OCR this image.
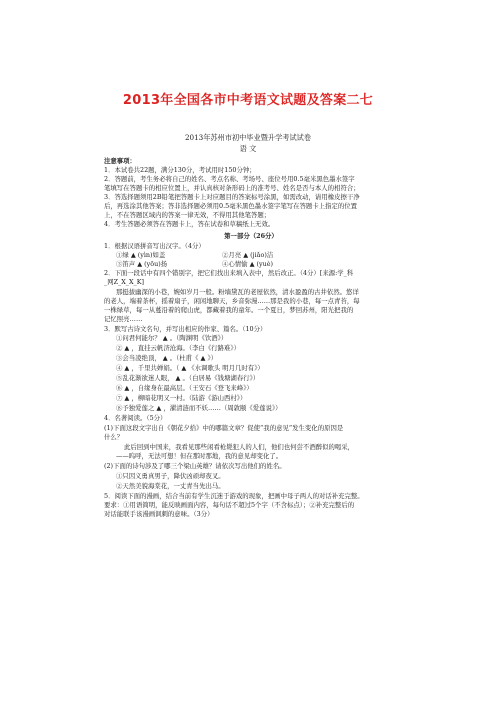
2013年全国各市中考语文试题及答案二七
2013年苏州市初中毕业暨升学考试试卷
语 文
注意事项：
1．本试卷共22题，满分130分，考试用时150分钟；
2．答题前，考生务必将自己的姓名、考点名称、考场号、座位号用0.5毫米黑色墨水签字
笔填写在答题卡的相应位置上，并认真核对条形码上的准考号、姓名是否与本人的相符合；
3．答选择题须用2B铅笔把答题卡上对应题目的答案标号涂黑，如需改动，请用橡皮擦干净
后，再选涂其他答案；答非选择题必须用0.5毫米黑色墨水签字笔写在答题卡上指定的位置
上，不在答题区域内的答案一律无效，不得用其他笔答题；
4．考生答题必须答在答题卡上，答在试卷和草稿纸上无效。
第一部分（26分）
1．根据汉语拼音写出汉字。（4分）
①绿 ▲ (yìn)如盖	②月亮 ▲ (jiǎo)洁
③笛声 ▲ (yōu)扬	④心情愉 ▲ (yuè)
2．下面一段话中有四个错别字，把它们找出来填入表中，然后改正。（4分）[来源:学_科
_网Z_X_X_K]
那挺拔幽深的小巷，婉如岁月一般。粉墙黛瓦的老屋依然，清水盈盈的古井依然。悠详
的老人，端着茶杯，摇着扇子，闲闲地聊天，乡音弥漫……那是我的小巷，每一点青苔，每
一株绿草，每一从蔓沿着的爬山虎，都藏着我的童年。一个夏日，梦回苏州，阳光把我的
记忆照亮……
3．默写古诗文名句，并写出相应的作家、篇名。（10分）
①问君何能尔？ ▲ 。（陶渊明《饮酒》）
② ▲ ，直挂云帆济沧海。（李白《行路难》）
③会当凌绝顶， ▲ 。（杜甫《 ▲ 》）
④ ▲ ，千里共婵娟。（ ▲ 《水调歌头 明月几时有》）
⑤乱花渐欲迷人眼， ▲ 。（白居易《钱塘湖春行》）
⑥ ▲ ，自缘身在最高层。（王安石《登飞来峰》）
⑦ ▲ ，柳暗花明又一村。（陆游《游山西村》）
⑧予独爱莲之 ▲ ，濯清涟而不妖……（周敦颐《爱莲说》）
4．名著阅读。（5分）
(1)下面这段文字出自《朝花夕拾》中的哪篇文章？促使“我的意见”发生变化的原因是
什么？
此后回到中国来，我看见那些闲看枪毙犯人的人们，他们也何尝不酒醉似的喝采，
——呜呼，无法可想！但在那时那地，我的意见却变化了。
(2)下面的诗句涉及了哪三个梁山英雄？请依次写出他们的姓名。
①只因义勇真男子，降伏凶顽却夜叉。
②天然美貌海棠花，一丈青当先出马。
5．阅读下面的漫画，结合当前有学生沉迷于游戏的现象，把画中母子两人的对话补充完整。
要求：①用语简明，能反映画面内容，每句话不超过5个字（不含标点）；②补充完整后的
对话能联手该漫画讽刺的意味。（3分）
